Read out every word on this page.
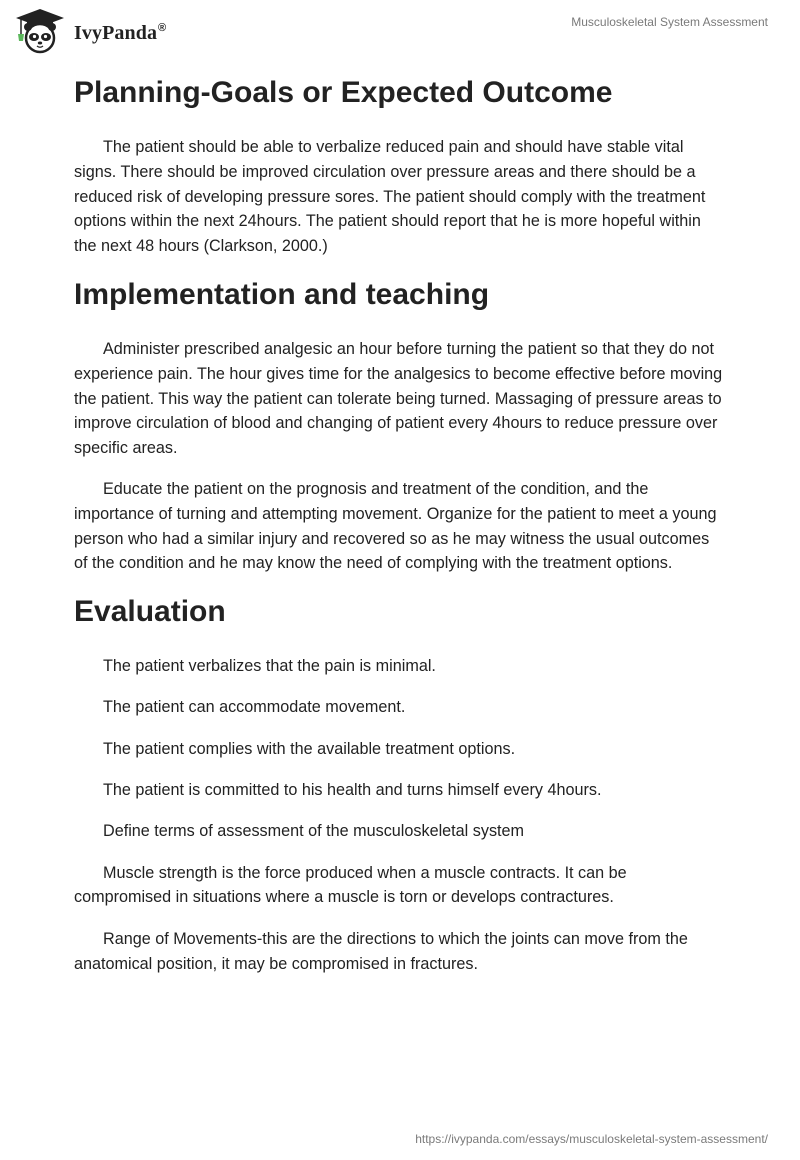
IvyPanda®	Musculoskeletal System Assessment
Planning-Goals or Expected Outcome

The patient should be able to verbalize reduced pain and should have stable vital signs. There should be improved circulation over pressure areas and there should be a reduced risk of developing pressure sores. The patient should comply with the treatment options within the next 24hours. The patient should report that he is more hopeful within the next 48 hours (Clarkson, 2000.)

Implementation and teaching

Administer prescribed analgesic an hour before turning the patient so that they do not experience pain. The hour gives time for the analgesics to become effective before moving the patient. This way the patient can tolerate being turned. Massaging of pressure areas to improve circulation of blood and changing of patient every 4hours to reduce pressure over specific areas.

Educate the patient on the prognosis and treatment of the condition, and the importance of turning and attempting movement. Organize for the patient to meet a young person who had a similar injury and recovered so as he may witness the usual outcomes of the condition and he may know the need of complying with the treatment options.

Evaluation

The patient verbalizes that the pain is minimal.

The patient can accommodate movement.

The patient complies with the available treatment options.

The patient is committed to his health and turns himself every 4hours.

Define terms of assessment of the musculoskeletal system

Muscle strength is the force produced when a muscle contracts. It can be compromised in situations where a muscle is torn or develops contractures.

Range of Movements-this are the directions to which the joints can move from the anatomical position, it may be compromised in fractures.

https://ivypanda.com/essays/musculoskeletal-system-assessment/
